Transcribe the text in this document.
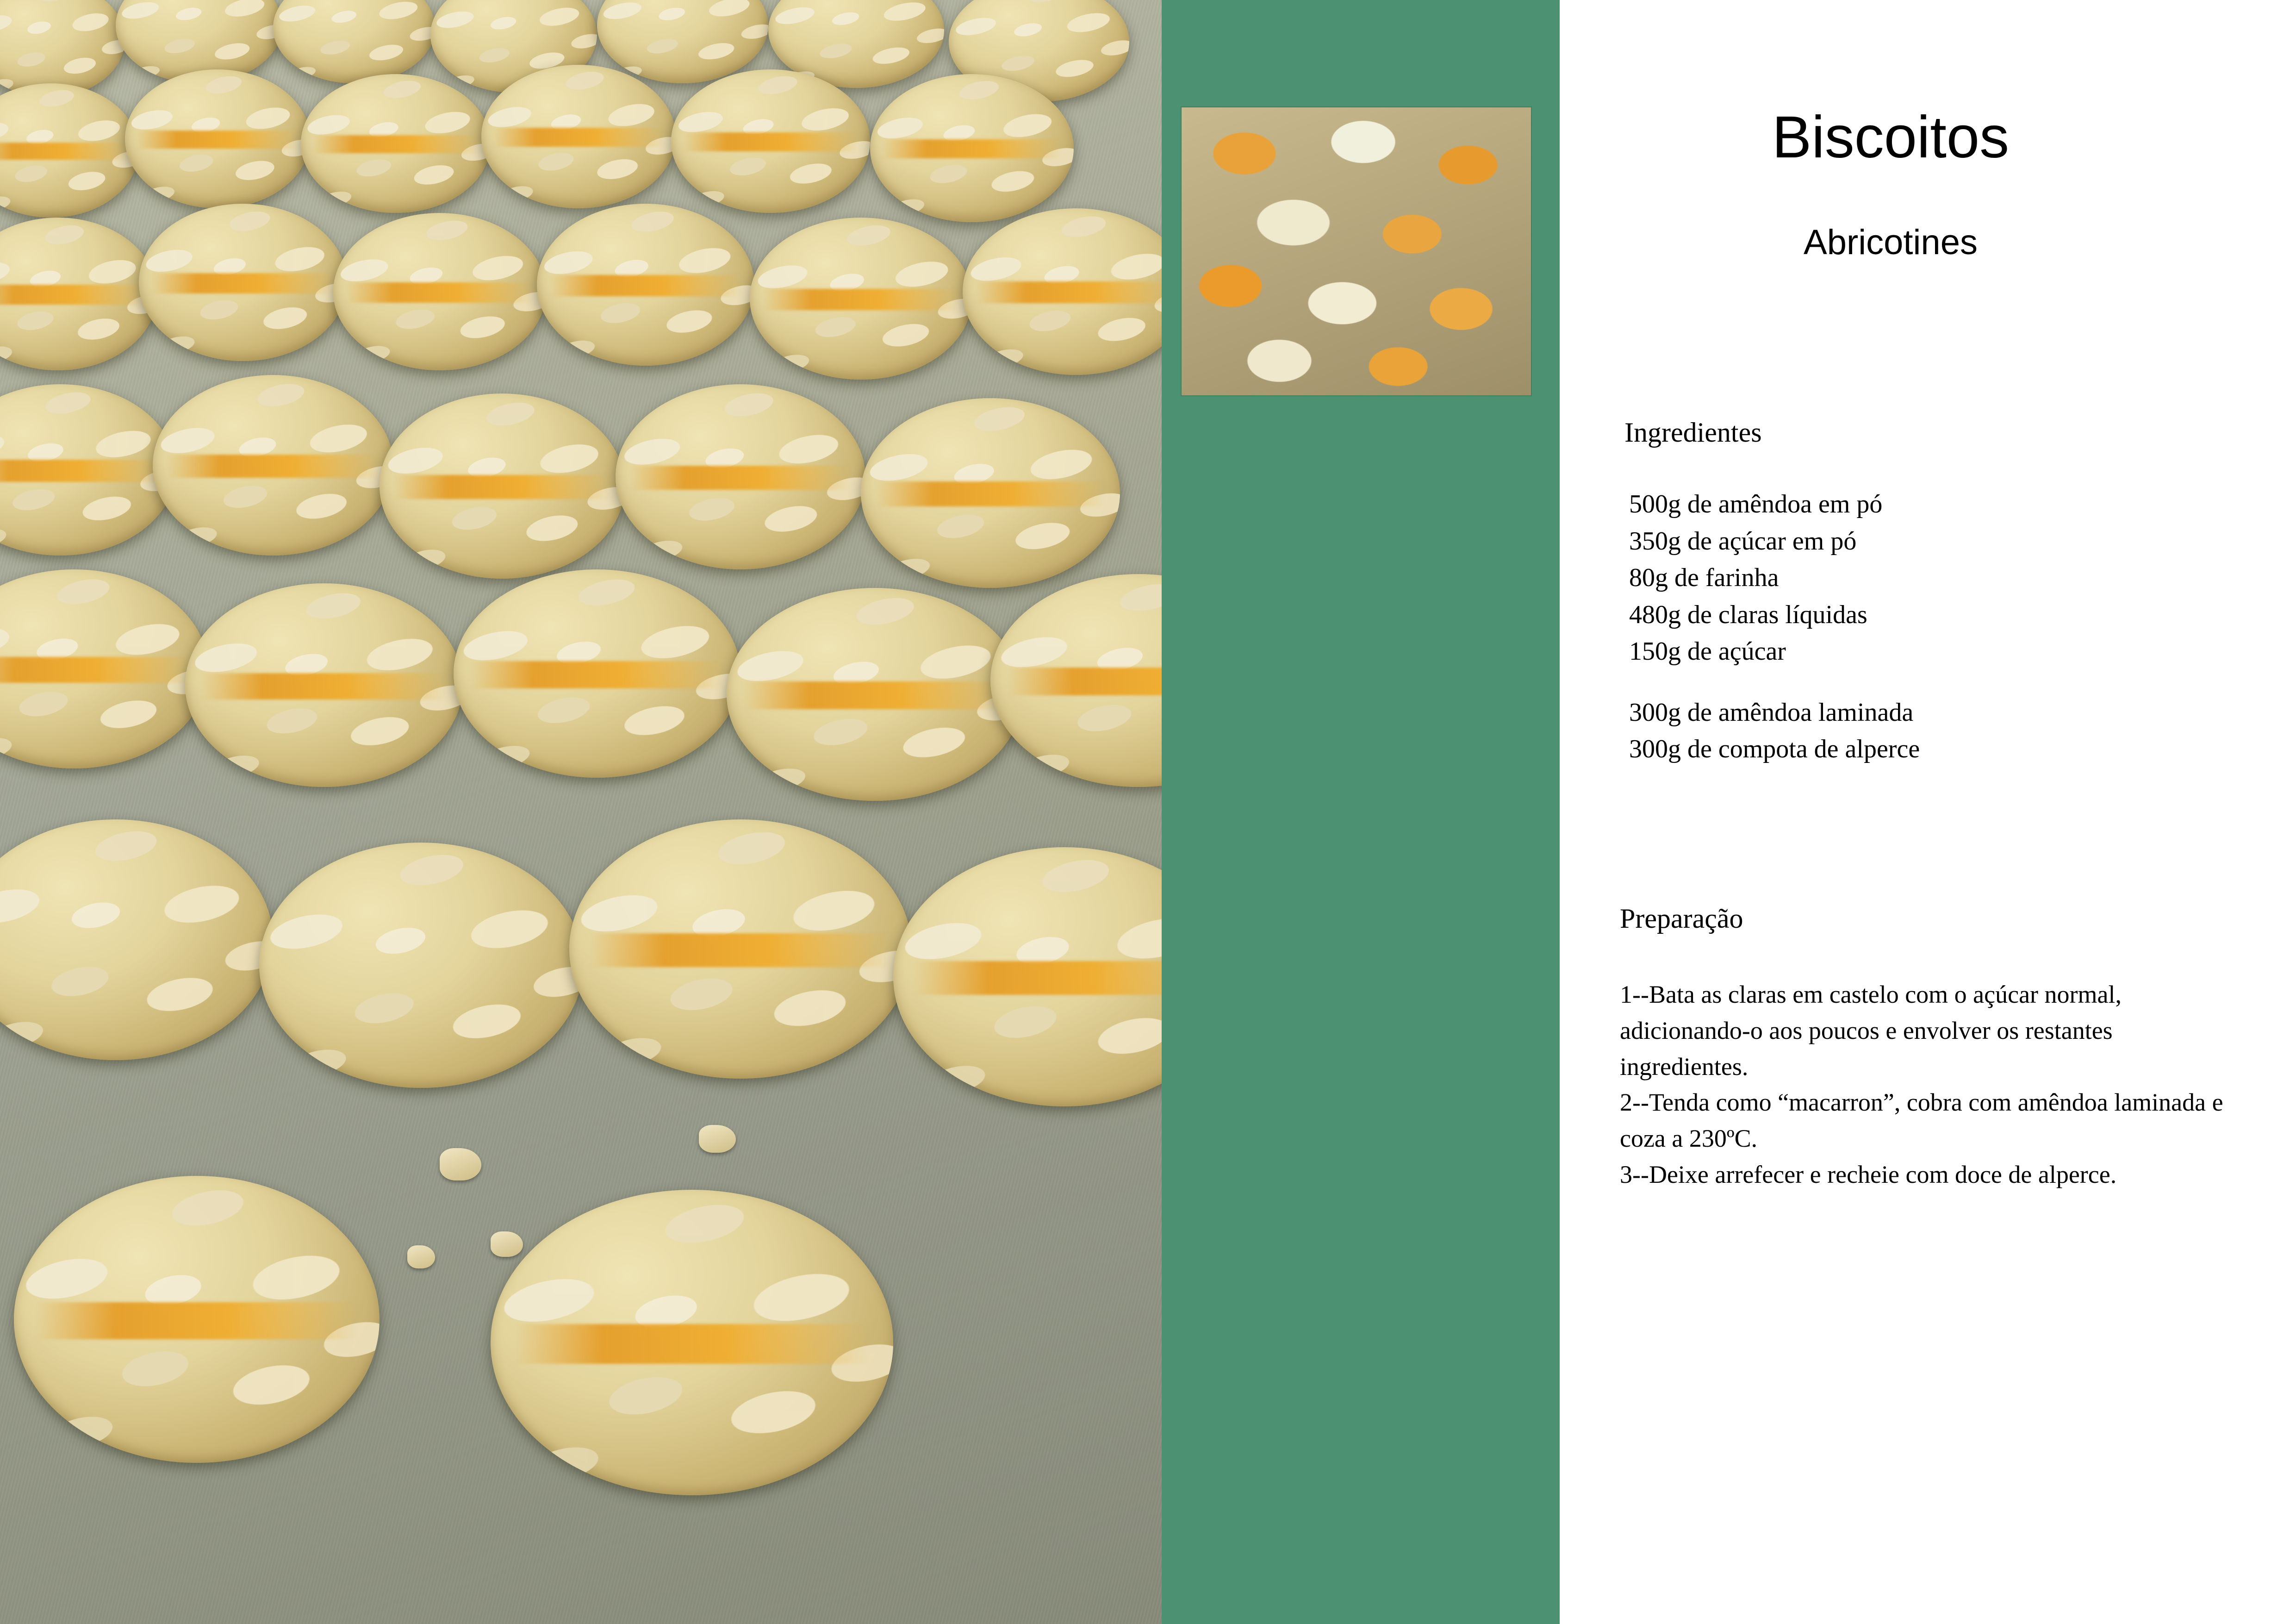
Biscoitos
Abricotines
Ingredientes
500g de amêndoa em pó
350g de açúcar em pó
80g de farinha
480g de claras líquidas
150g de açúcar
300g de amêndoa laminada
300g de compota de alperce
Preparação

1--Bata as claras em castelo com o açúcar normal, adicionando-o aos poucos e envolver os restantes ingredientes.

2--Tenda como “macarron”, cobra com amêndoa laminada e coza a 230ºC.

3--Deixe arrefecer e recheie com doce de alperce.
